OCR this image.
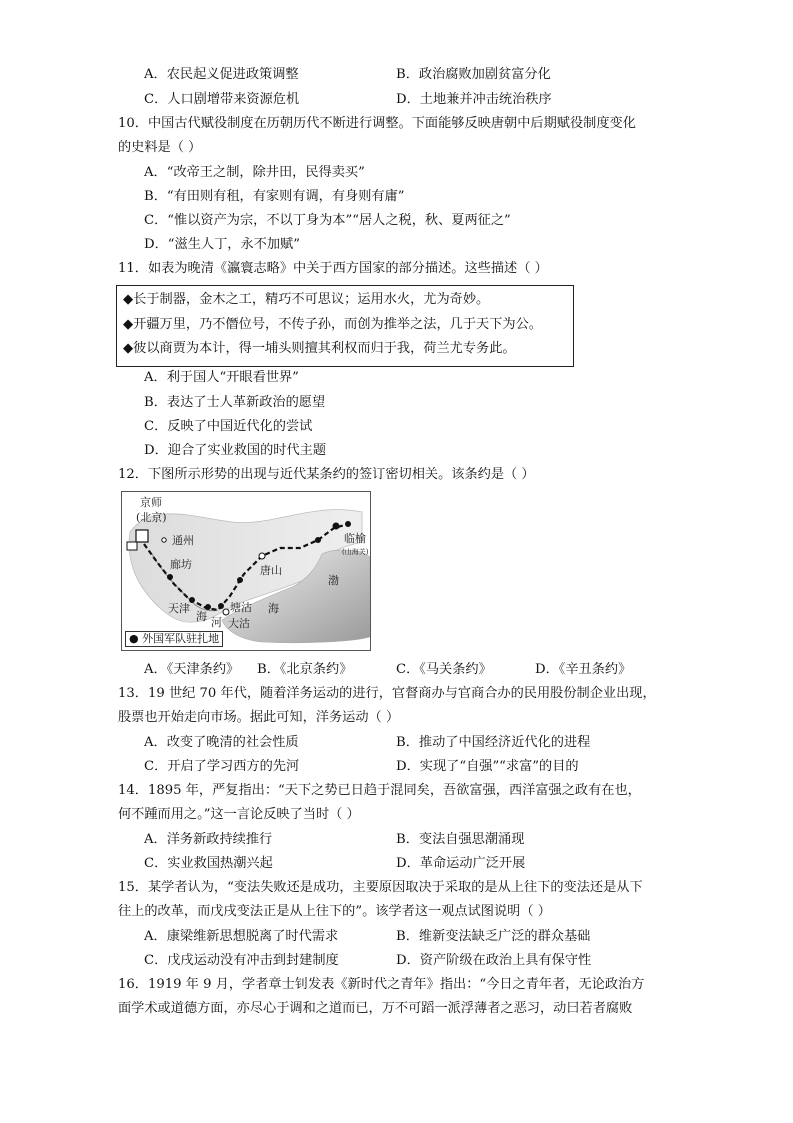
A．农民起义促进政策调整	B．政治腐败加剧贫富分化
C．人口剧增带来资源危机	D．土地兼并冲击统治秩序
10．中国古代赋役制度在历朝历代不断进行调整。下面能够反映唐朝中后期赋役制度变化
的史料是（ ）
A．“改帝王之制，除井田，民得卖买”
B．“有田则有租，有家则有调，有身则有庸”
C．“惟以资产为宗，不以丁身为本”“居人之税，秋、夏两征之”
D．“滋生人丁，永不加赋”
11．如表为晚清《瀛寰志略》中关于西方国家的部分描述。这些描述（ ）
◆长于制器，金木之工，精巧不可思议；运用水火，尤为奇妙。
◆开疆万里，乃不僭位号，不传子孙，而创为推举之法，几于天下为公。
◆彼以商贾为本计，得一埔头则擅其利权而归于我，荷兰尤专务此。
A．利于国人“开眼看世界”
B．表达了士人革新政治的愿望
C．反映了中国近代化的尝试
D．迎合了实业救国的时代主题
12．下图所示形势的出现与近代某条约的签订密切相关。该条约是（ ）
京师
(北京)
通州
廊坊
天津	塘沽
大沽
海 河
唐山
临榆
(山海关)
渤
海
● 外国军队驻扎地
A．《天津条约》 B．《北京条约》	C．《马关条约》	D．《辛丑条约》
13．19 世纪 70 年代，随着洋务运动的进行，官督商办与官商合办的民用股份制企业出现，
股票也开始走向市场。据此可知，洋务运动（ ）
A．改变了晚清的社会性质	B．推动了中国经济近代化的进程
C．开启了学习西方的先河	D．实现了“自强”“求富”的目的
14．1895 年，严复指出：“天下之势已日趋于混同矣，吾欲富强，西洋富强之政有在也，
何不踵而用之。”这一言论反映了当时（ ）
A．洋务新政持续推行	B．变法自强思潮涌现
C．实业救国热潮兴起	D．革命运动广泛开展
15．某学者认为，“变法失败还是成功，主要原因取决于采取的是从上往下的变法还是从下
往上的改革，而戊戌变法正是从上往下的”。该学者这一观点试图说明（ ）
A．康梁维新思想脱离了时代需求	B．维新变法缺乏广泛的群众基础
C．戊戌运动没有冲击到封建制度	D．资产阶级在政治上具有保守性
16．1919 年 9 月，学者章士钊发表《新时代之青年》指出：“今日之青年者，无论政治方
面学术或道德方面，亦尽心于调和之道而已，万不可蹈一派浮薄者之恶习，动曰若者腐败
